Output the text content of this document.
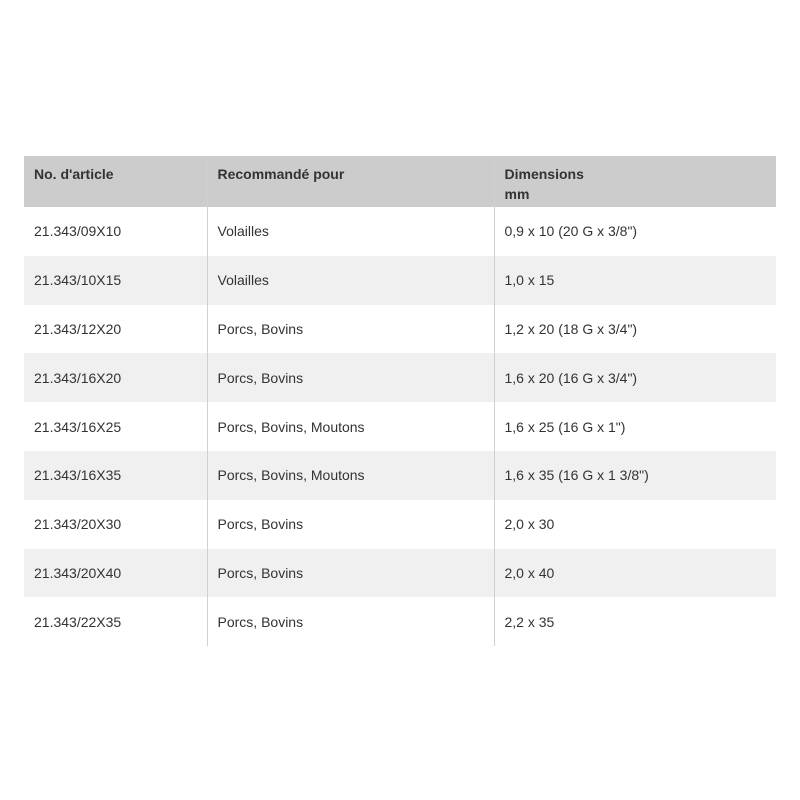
No. d'article	Recommandé pour	Dimensions
mm

21.343/09X10	Volailles	0,9 x 10 (20 G x 3/8")
21.343/10X15	Volailles	1,0 x 15
21.343/12X20	Porcs, Bovins	1,2 x 20 (18 G x 3/4")
21.343/16X20	Porcs, Bovins	1,6 x 20 (16 G x 3/4")
21.343/16X25	Porcs, Bovins, Moutons	1,6 x 25 (16 G x 1")
21.343/16X35	Porcs, Bovins, Moutons	1,6 x 35 (16 G x 1 3/8")
21.343/20X30	Porcs, Bovins	2,0 x 30
21.343/20X40	Porcs, Bovins	2,0 x 40
21.343/22X35	Porcs, Bovins	2,2 x 35
